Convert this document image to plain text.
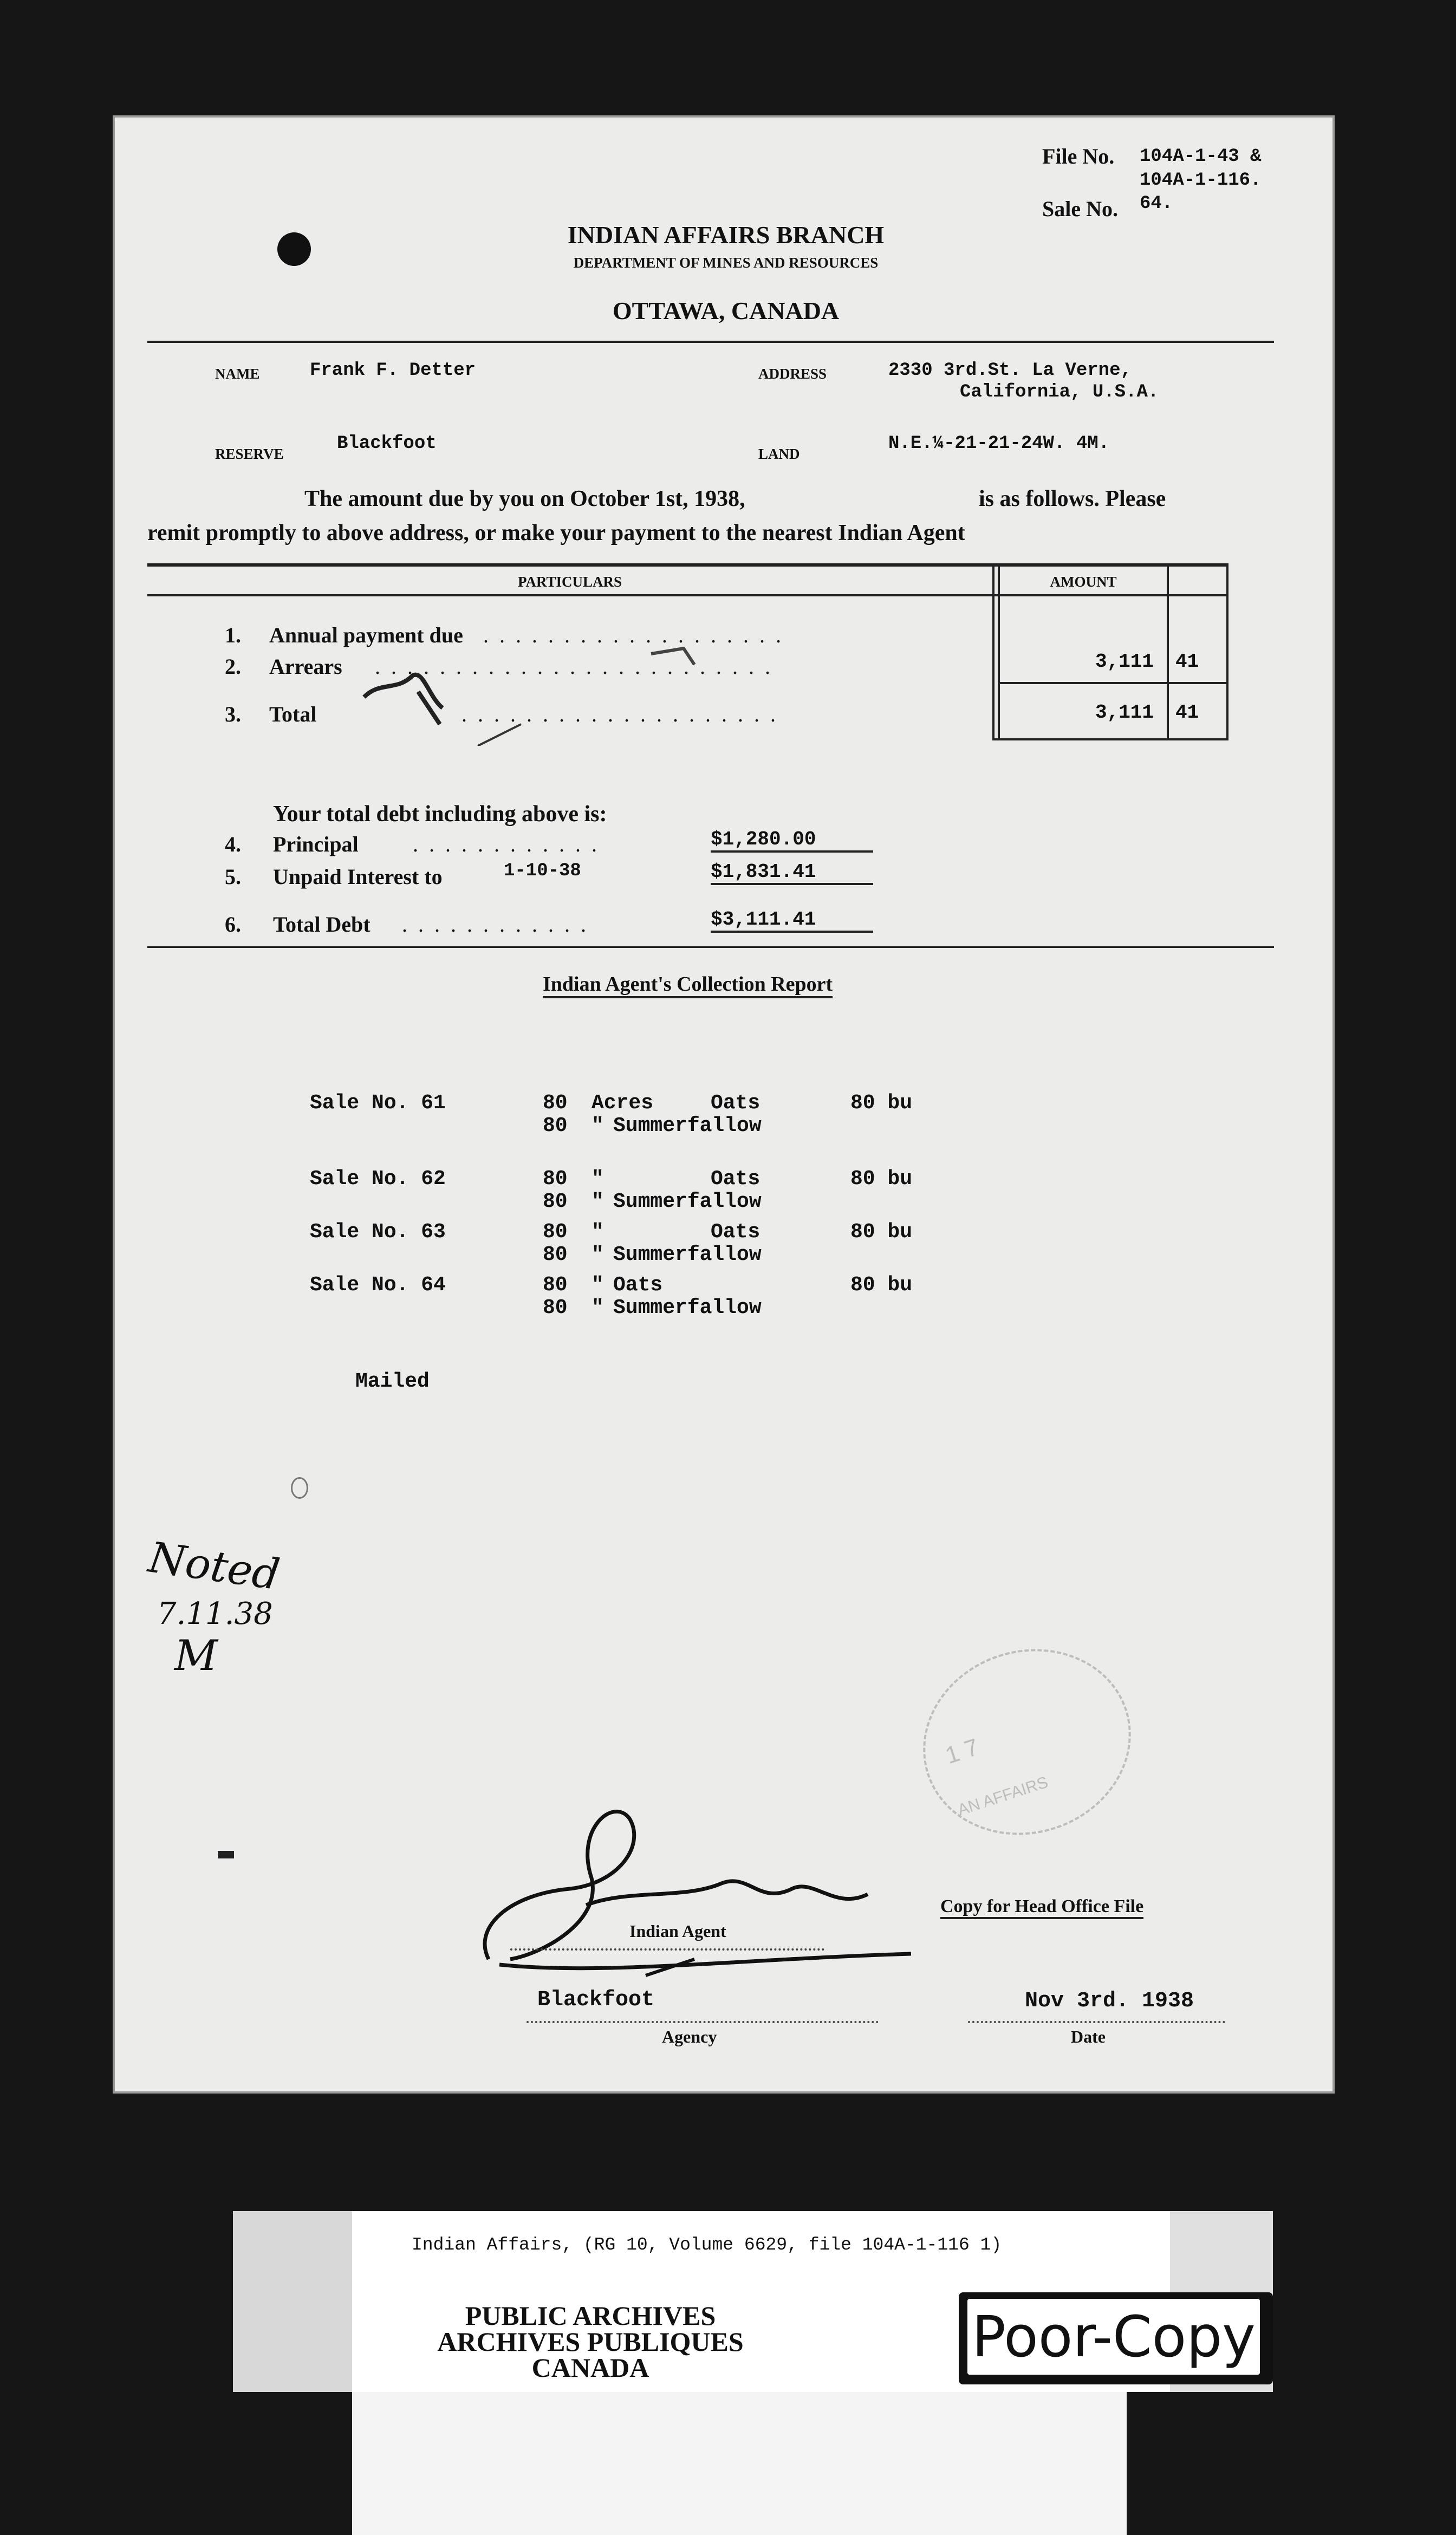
File No. 104A-1-43 & 104A-1-116.
Sale No. 64.
INDIAN AFFAIRS BRANCH
DEPARTMENT OF MINES AND RESOURCES
OTTAWA, CANADA
NAME	Frank F. Detter	ADDRESS	2330 3rd.St. La Verne,
California, U.S.A.
RESERVE	Blackfoot	LAND	N.E.¼-21-21-24W. 4M.
The amount due by you on October 1st, 1938,	is as follows. Please
remit promptly to above address, or make your payment to the nearest Indian Agent
PARTICULARS	AMOUNT
1. Annual payment due ...................
2. Arrears .........................	3,111 41
3. Total	....................	3,111 41
Your total debt including above is:
4. Principal	............	$1,280.00
5. Unpaid Interest to	1-10-38	$1,831.41
6. Total Debt ............	$3,111.41
Indian Agent's Collection Report
Sale No. 61	80 Acres	Oats	80 bu
80 " Summerfallow
Sale No. 62	80 "	Oats	80 bu
80 " Summerfallow
Sale No. 63	80 "	Oats	80 bu
80 " Summerfallow
Sale No. 64	80 " Oats	80 bu
80 " Summerfallow
Mailed
Noted
7.11.38
M
1 7
AN AFFAIRS
Indian Agent
Copy for Head Office File
Blackfoot
Agency
Nov 3rd. 1938
Date
Indian Affairs, (RG 10, Volume 6629, file 104A-1-116 1)
PUBLIC ARCHIVES
ARCHIVES PUBLIQUES
CANADA	Poor-Copy
